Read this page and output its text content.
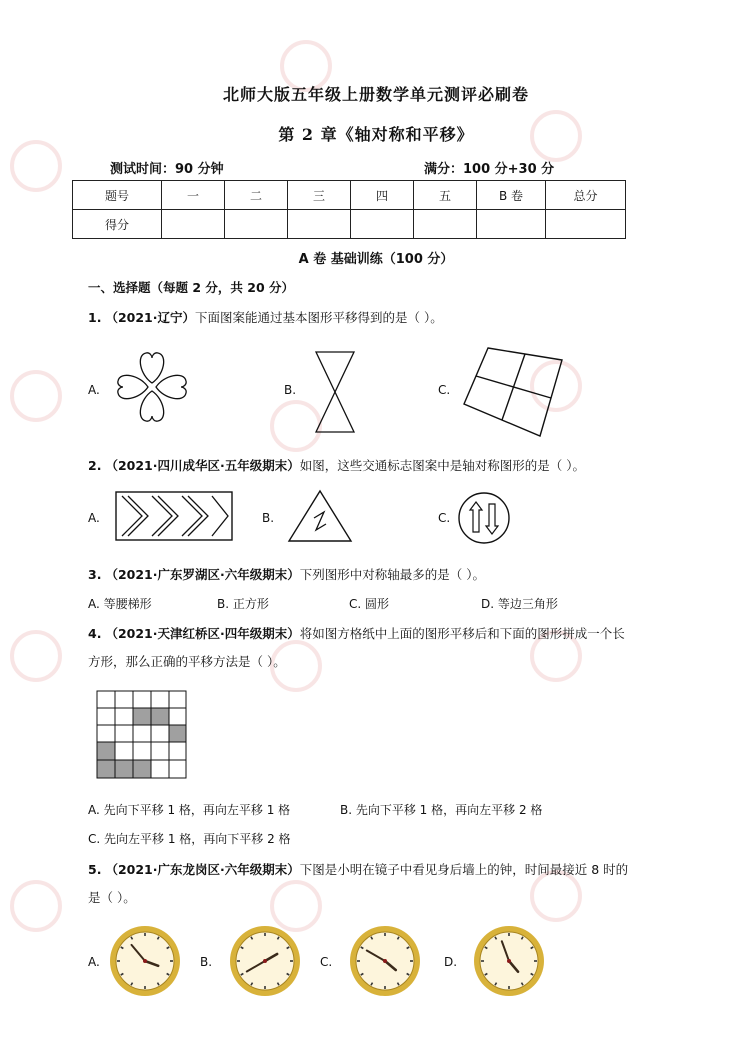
北师大版五年级上册数学单元测评必刷卷
第 2 章《轴对称和平移》
测试时间：90 分钟	满分：100 分+30 分
题号	一	二	三	四	五	B 卷	总分
得分							
A 卷 基础训练（100 分）
一、选择题（每题 2 分，共 20 分）
1. （2021·辽宁）下面图案能通过基本图形平移得到的是（ ）。
A.	B.	C.
2. （2021·四川成华区·五年级期末）如图，这些交通标志图案中是轴对称图形的是（ ）。
A.	B.	C.
3. （2021·广东罗湖区·六年级期末）下列图形中对称轴最多的是（ ）。
A. 等腰梯形	B. 正方形	C. 圆形	D. 等边三角形
4. （2021·天津红桥区·四年级期末）将如图方格纸中上面的图形平移后和下面的图形拼成一个长
方形，那么正确的平移方法是（ ）。
A. 先向下平移 1 格，再向左平移 1 格	B. 先向下平移 1 格，再向左平移 2 格
C. 先向左平移 1 格，再向下平移 2 格
5. （2021·广东龙岗区·六年级期末）下图是小明在镜子中看见身后墙上的钟，时间最接近 8 时的
是（ ）。
A.	B.	C.	D.
